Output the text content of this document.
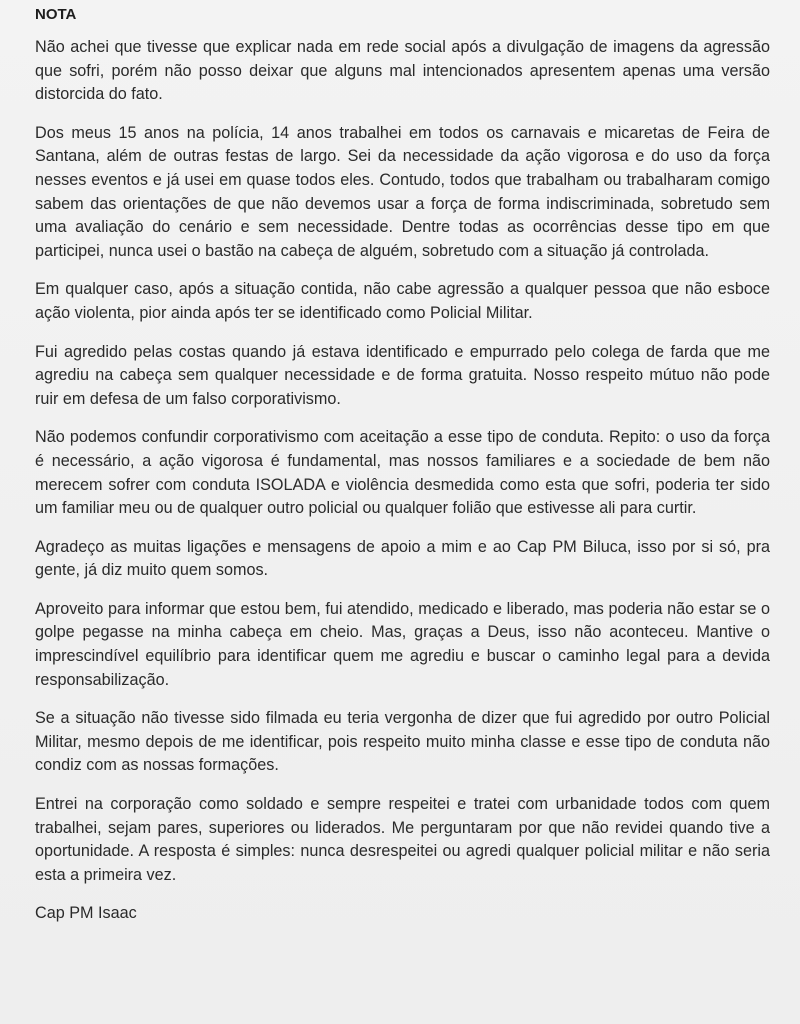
NOTA

Não achei que tivesse que explicar nada em rede social após a divulgação de imagens da agressão que sofri, porém não posso deixar que alguns mal intencionados apresentem apenas uma versão distorcida do fato.

Dos meus 15 anos na polícia, 14 anos trabalhei em todos os carnavais e micaretas de Feira de Santana, além de outras festas de largo. Sei da necessidade da ação vigorosa e do uso da força nesses eventos e já usei em quase todos eles. Contudo, todos que trabalham ou trabalharam comigo sabem das orientações de que não devemos usar a força de forma indiscriminada, sobretudo sem uma avaliação do cenário e sem necessidade. Dentre todas as ocorrências desse tipo em que participei, nunca usei o bastão na cabeça de alguém, sobretudo com a situação já controlada.

Em qualquer caso, após a situação contida, não cabe agressão a qualquer pessoa que não esboce ação violenta, pior ainda após ter se identificado como Policial Militar.

Fui agredido pelas costas quando já estava identificado e empurrado pelo colega de farda que me agrediu na cabeça sem qualquer necessidade e de forma gratuita. Nosso respeito mútuo não pode ruir em defesa de um falso corporativismo.

Não podemos confundir corporativismo com aceitação a esse tipo de conduta. Repito: o uso da força é necessário, a ação vigorosa é fundamental, mas nossos familiares e a sociedade de bem não merecem sofrer com conduta ISOLADA e violência desmedida como esta que sofri, poderia ter sido um familiar meu ou de qualquer outro policial ou qualquer folião que estivesse ali para curtir.

Agradeço as muitas ligações e mensagens de apoio a mim e ao Cap PM Biluca, isso por si só, pra gente, já diz muito quem somos.

Aproveito para informar que estou bem, fui atendido, medicado e liberado, mas poderia não estar se o golpe pegasse na minha cabeça em cheio. Mas, graças a Deus, isso não aconteceu. Mantive o imprescindível equilíbrio para identificar quem me agrediu e buscar o caminho legal para a devida responsabilização.

Se a situação não tivesse sido filmada eu teria vergonha de dizer que fui agredido por outro Policial Militar, mesmo depois de me identificar, pois respeito muito minha classe e esse tipo de conduta não condiz com as nossas formações.

Entrei na corporação como soldado e sempre respeitei e tratei com urbanidade todos com quem trabalhei, sejam pares, superiores ou liderados. Me perguntaram por que não revidei quando tive a oportunidade. A resposta é simples: nunca desrespeitei ou agredi qualquer policial militar e não seria esta a primeira vez.

Cap PM Isaac
